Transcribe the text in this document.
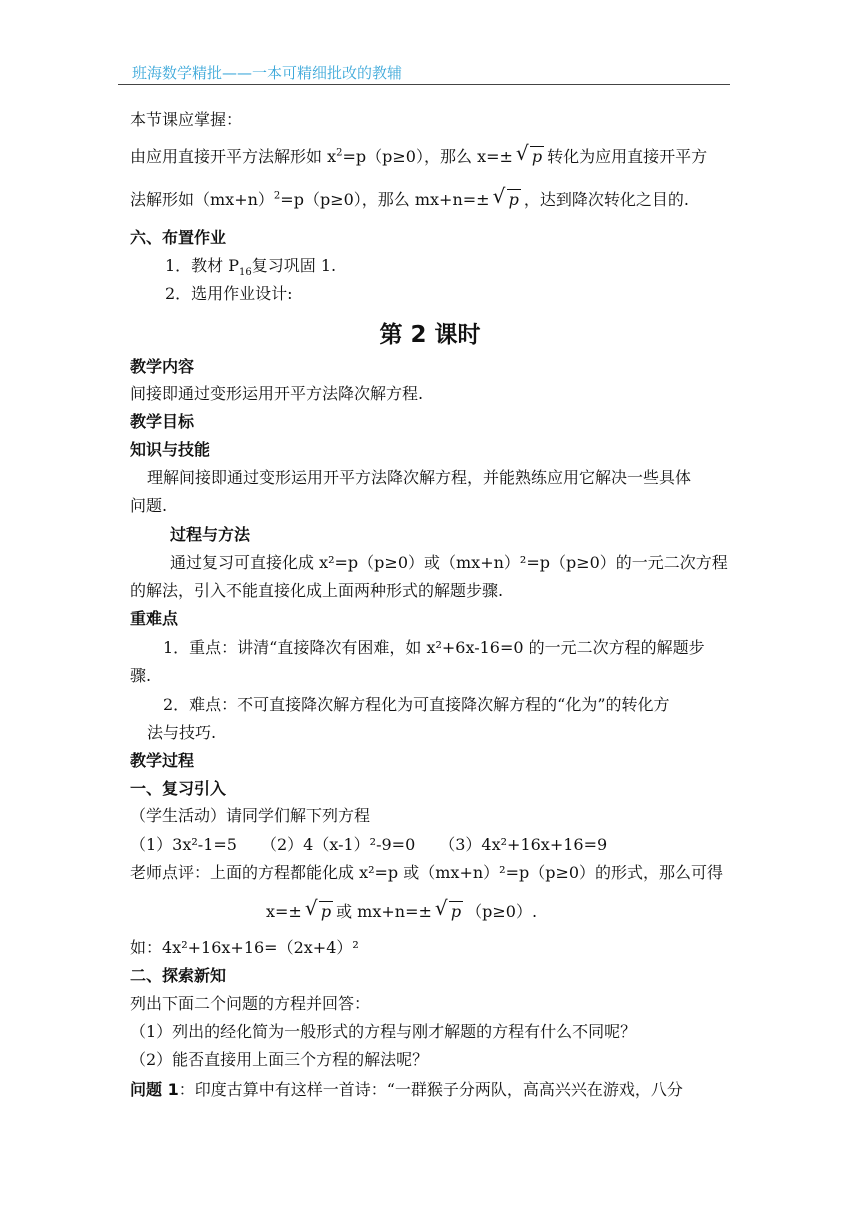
班海数学精批——一本可精细批改的教辅
本节课应掌握：
由应用直接开平方法解形如 $x^2=p(p\ge 0)$，那么 x=± √ p 转化为应用直接开平方
法解形如$(mx+n)^2=p(p\ge 0)$，那么 mx+n=± √ p ，达到降次转化之目的.
六、布置作业
1．教材 $P_{16}$复习巩固 1.
2．选用作业设计:
第 2 课时
教学内容
间接即通过变形运用开平方法降次解方程.
教学目标
知识与技能
理解间接即通过变形运用开平方法降次解方程，并能熟练应用它解决一些具体
问题.
过程与方法
通过复习可直接化成 x²=p（p≥0）或（mx+n）²=p（p≥0）的一元二次方程
的解法，引入不能直接化成上面两种形式的解题步骤.
重难点
1．重点：讲清“直接降次有困难，如 x²+6x-16=0 的一元二次方程的解题步
骤.
2．难点：不可直接降次解方程化为可直接降次解方程的“化为”的转化方
法与技巧.
教学过程
一、复习引入
（学生活动）请同学们解下列方程
（1）3x²-1=5　　（2）4（x-1）²-9=0　　（3）4x²+16x+16=9
老师点评：上面的方程都能化成 x²=p 或（mx+n）²=p（p≥0）的形式，那么可得
x=± √ p 或 mx+n=± √ p （p≥0）.
如：4x²+16x+16=（2x+4）²
二、探索新知
列出下面二个问题的方程并回答：
（1）列出的经化简为一般形式的方程与刚才解题的方程有什么不同呢？
（2）能否直接用上面三个方程的解法呢？
问题 1：印度古算中有这样一首诗：“一群猴子分两队，高高兴兴在游戏，八分
